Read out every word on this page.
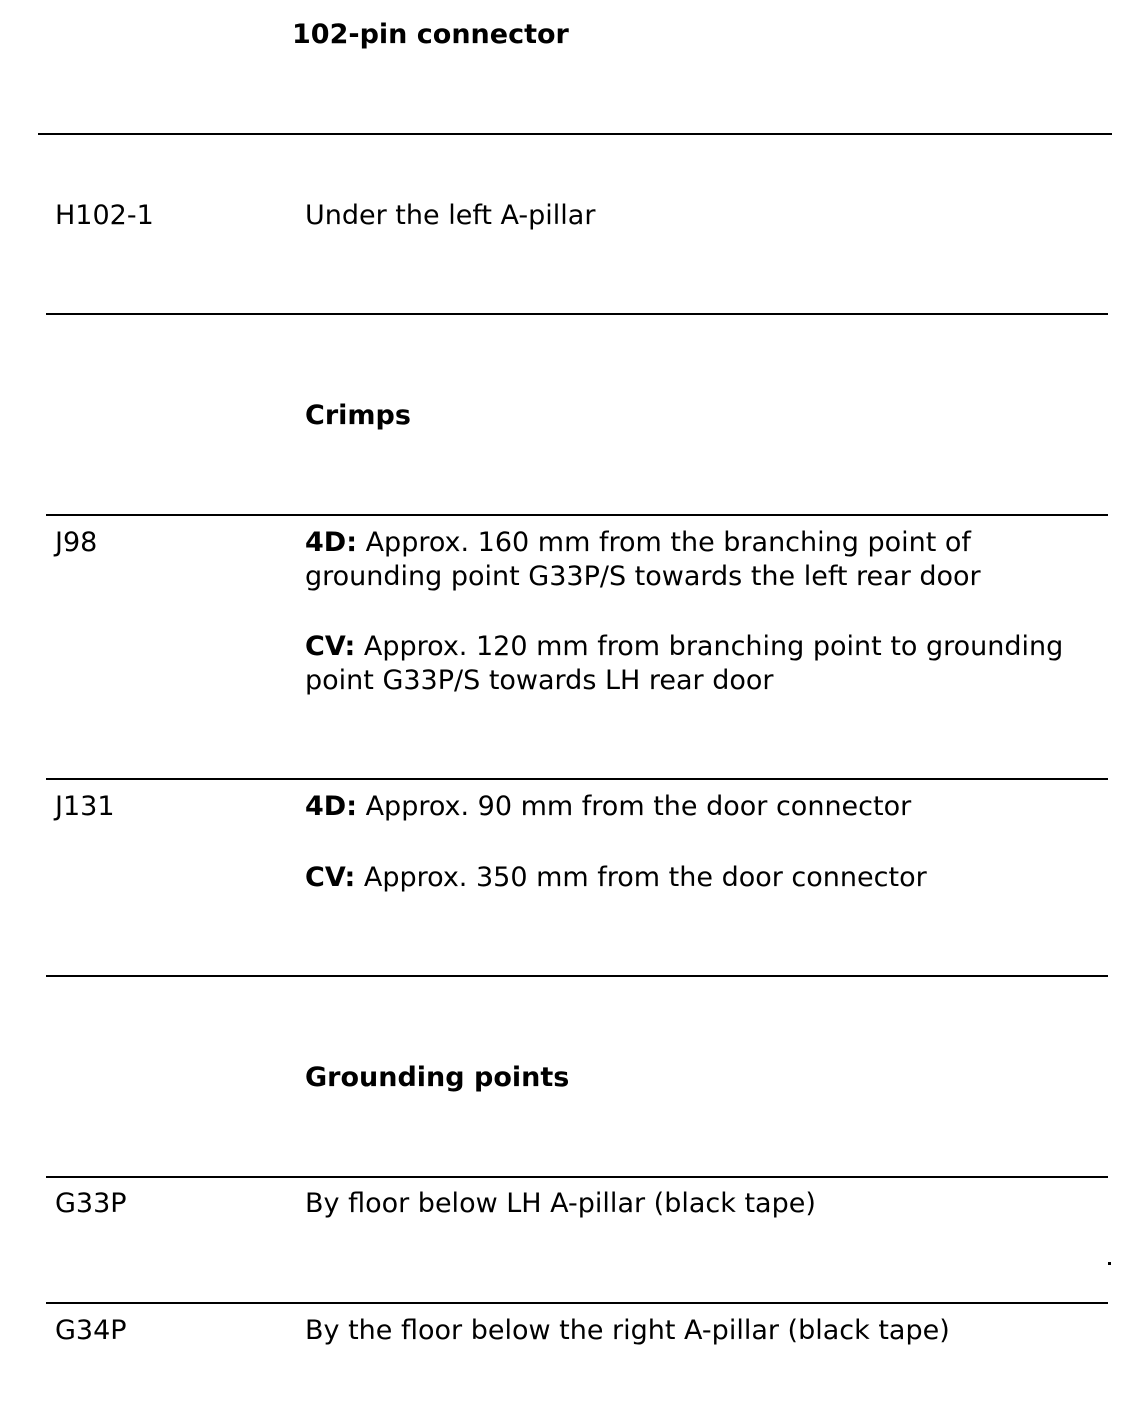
102-pin connector
H102-1	Under the left A-pillar
Crimps
J98	4D: Approx. 160 mm from the branching point of
grounding point G33P/S towards the left rear door
CV: Approx. 120 mm from branching point to grounding
point G33P/S towards LH rear door
J131	4D: Approx. 90 mm from the door connector
CV: Approx. 350 mm from the door connector
Grounding points
G33P	By floor below LH A-pillar (black tape)
G34P	By the floor below the right A-pillar (black tape)
